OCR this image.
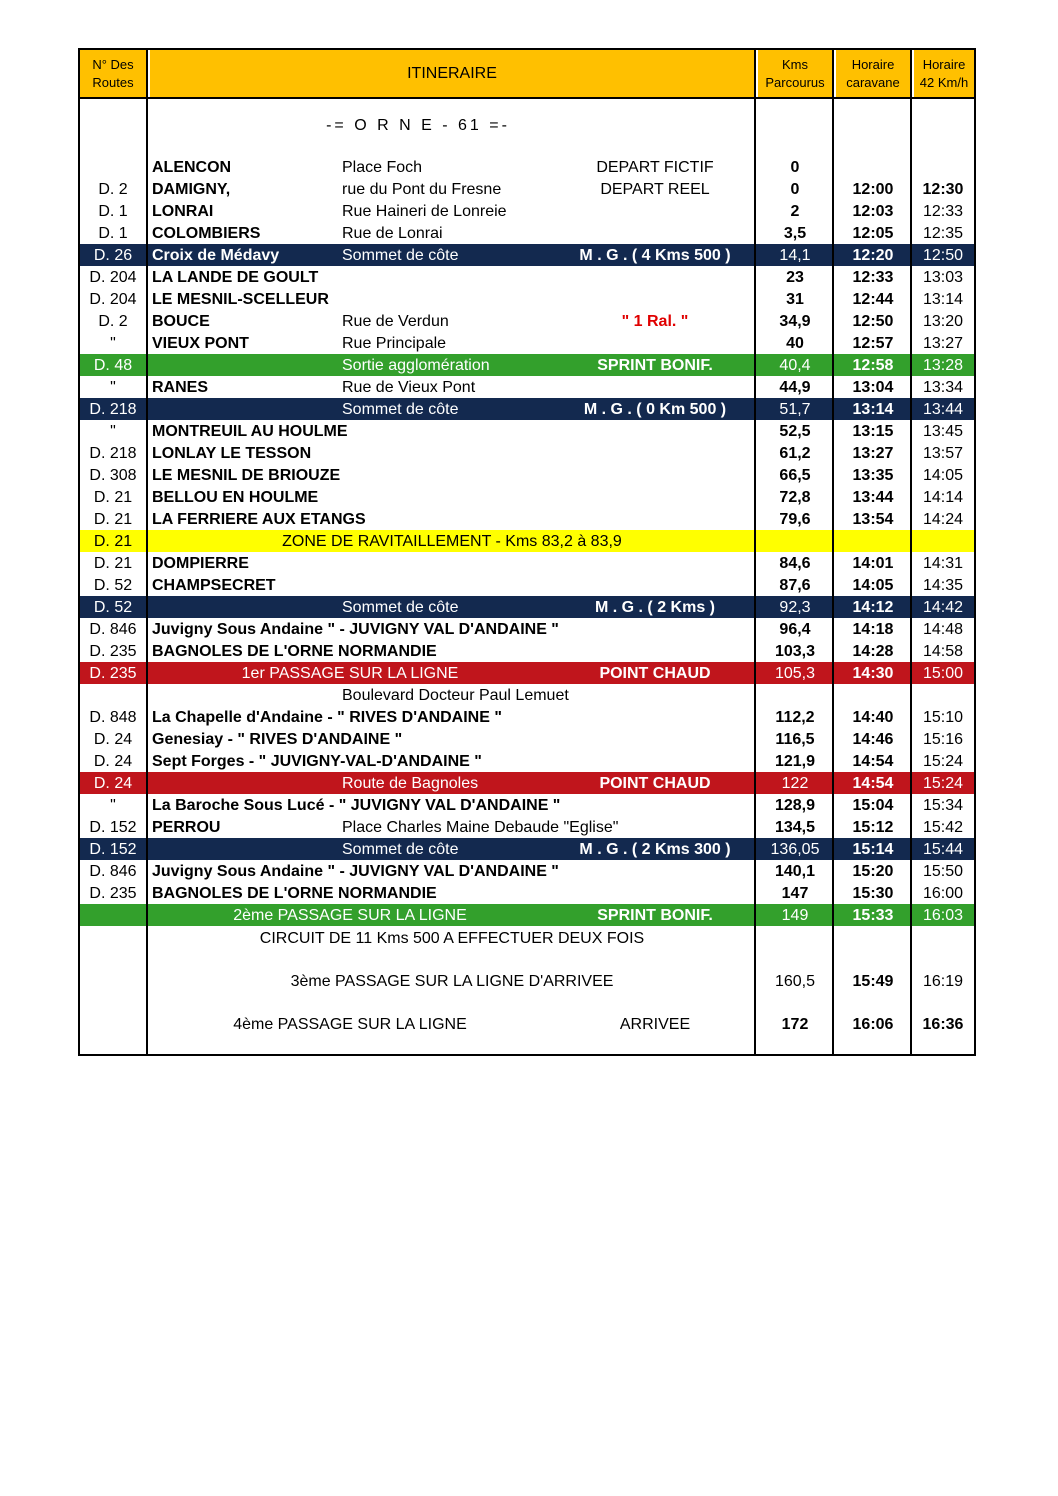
N° Des Routes
ITINERAIRE
Kms Parcourus
Horaire caravane
Horaire 42 Km/h
-= O R N E - 61 =-
ALENCON	Place Foch	DEPART FICTIF	0
D. 2	DAMIGNY,	rue du Pont du Fresne	DEPART REEL	0	12:00	12:30
D. 1	LONRAI	Rue Haineri de Lonreie	2	12:03	12:33
D. 1	COLOMBIERS	Rue de Lonrai	3,5	12:05	12:35
D. 26	Croix de Médavy	Sommet de côte	M . G . ( 4 Kms 500 )	14,1	12:20	12:50
D. 204 LA LANDE DE GOULT	23	12:33	13:03
D. 204 LE MESNIL-SCELLEUR	31	12:44	13:14
D. 2	BOUCE	Rue de Verdun	" 1 Ral. "	34,9	12:50	13:20
"	VIEUX PONT	Rue Principale	40	12:57	13:27
D. 48	Sortie agglomération	SPRINT BONIF.	40,4	12:58	13:28
"	RANES	Rue de Vieux Pont	44,9	13:04	13:34
D. 218	Sommet de côte	M . G . ( 0 Km 500 )	51,7	13:14	13:44
"	MONTREUIL AU HOULME	52,5	13:15	13:45
D. 218 LONLAY LE TESSON	61,2	13:27	13:57
D. 308 LE MESNIL DE BRIOUZE	66,5	13:35	14:05
D. 21	BELLOU EN HOULME	72,8	13:44	14:14
D. 21	LA FERRIERE AUX ETANGS	79,6	13:54	14:24
D. 21	ZONE DE RAVITAILLEMENT - Kms 83,2 à 83,9
D. 21	DOMPIERRE	84,6	14:01	14:31
D. 52	CHAMPSECRET	87,6	14:05	14:35
D. 52	Sommet de côte	M . G . ( 2 Kms )	92,3	14:12	14:42
D. 846 Juvigny Sous Andaine " - JUVIGNY VAL D'ANDAINE "	96,4	14:18	14:48
D. 235 BAGNOLES DE L'ORNE NORMANDIE	103,3	14:28	14:58
D. 235	1er PASSAGE SUR LA LIGNE	POINT CHAUD	105,3	14:30	15:00
Boulevard Docteur Paul Lemuet
D. 848 La Chapelle d'Andaine - " RIVES D'ANDAINE "	112,2	14:40	15:10
D. 24	Genesiay - " RIVES D'ANDAINE "	116,5	14:46	15:16
D. 24	Sept Forges - " JUVIGNY-VAL-D'ANDAINE "	121,9	14:54	15:24
D. 24	Route de Bagnoles	POINT CHAUD	122	14:54	15:24
"	La Baroche Sous Lucé - " JUVIGNY VAL D'ANDAINE "	128,9	15:04	15:34
D. 152 PERROU	Place Charles Maine Debaude "Eglise"	134,5	15:12	15:42
D. 152	Sommet de côte	M . G . ( 2 Kms 300 )	136,05	15:14	15:44
D. 846 Juvigny Sous Andaine " - JUVIGNY VAL D'ANDAINE "	140,1	15:20	15:50
D. 235 BAGNOLES DE L'ORNE NORMANDIE	147	15:30	16:00
2ème PASSAGE SUR LA LIGNE	SPRINT BONIF.	149	15:33	16:03
CIRCUIT DE 11 Kms 500 A EFFECTUER DEUX FOIS
3ème PASSAGE SUR LA LIGNE D'ARRIVEE	160,5	15:49	16:19
4ème PASSAGE SUR LA LIGNE	ARRIVEE	172	16:06	16:36
